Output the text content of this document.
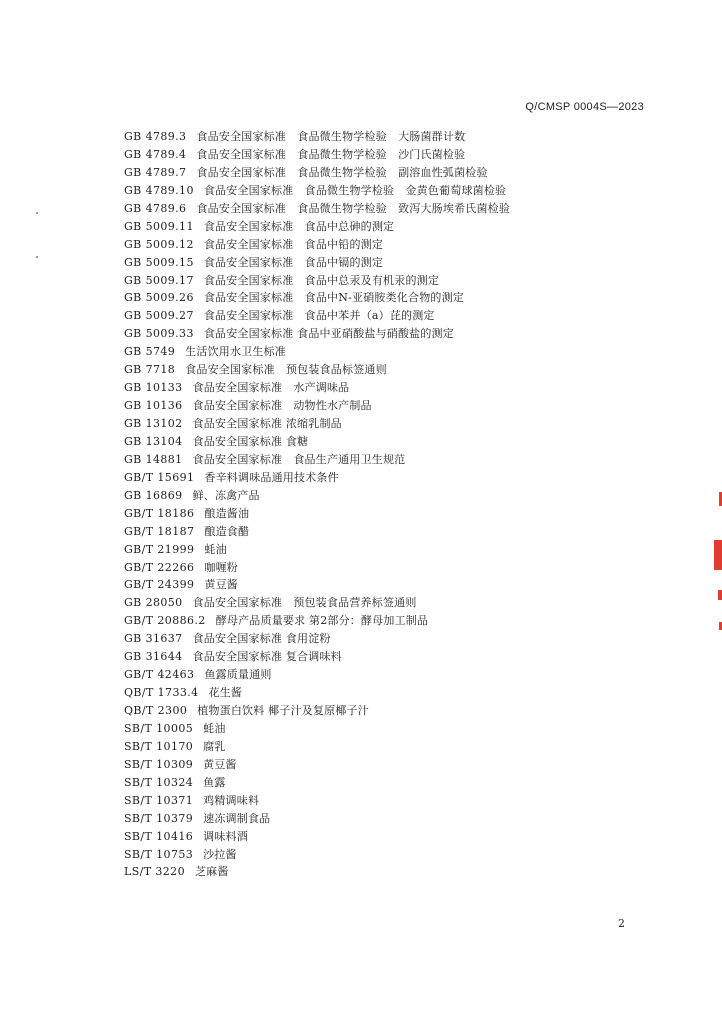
Q/CMSP 0004S—2023
GB 4789.3 食品安全国家标准　食品微生物学检验　大肠菌群计数
GB 4789.4 食品安全国家标准　食品微生物学检验　沙门氏菌检验
GB 4789.7 食品安全国家标准　食品微生物学检验　副溶血性弧菌检验
GB 4789.10 食品安全国家标准　食品微生物学检验　金黄色葡萄球菌检验
GB 4789.6 食品安全国家标准　食品微生物学检验　致泻大肠埃希氏菌检验
GB 5009.11 食品安全国家标准　食品中总砷的测定
GB 5009.12 食品安全国家标准　食品中铅的测定
GB 5009.15 食品安全国家标准　食品中镉的测定
GB 5009.17 食品安全国家标准　食品中总汞及有机汞的测定
GB 5009.26 食品安全国家标准　食品中N-亚硝胺类化合物的测定
GB 5009.27 食品安全国家标准　食品中苯并（a）芘的测定
GB 5009.33 食品安全国家标准 食品中亚硝酸盐与硝酸盐的测定
GB 5749 生活饮用水卫生标准
GB 7718 食品安全国家标准　预包装食品标签通则
GB 10133 食品安全国家标准　水产调味品
GB 10136 食品安全国家标准　动物性水产制品
GB 13102 食品安全国家标准 浓缩乳制品
GB 13104 食品安全国家标准 食糖
GB 14881 食品安全国家标准　食品生产通用卫生规范
GB/T 15691 香辛料调味品通用技术条件
GB 16869 鲜、冻禽产品
GB/T 18186 酿造酱油
GB/T 18187 酿造食醋
GB/T 21999 蚝油
GB/T 22266 咖喱粉
GB/T 24399 黄豆酱
GB 28050 食品安全国家标准　预包装食品营养标签通则
GB/T 20886.2 酵母产品质量要求 第2部分：酵母加工制品
GB 31637 食品安全国家标准 食用淀粉
GB 31644 食品安全国家标准 复合调味料
GB/T 42463 鱼露质量通则
QB/T 1733.4 花生酱
QB/T 2300 植物蛋白饮料 椰子汁及复原椰子汁
SB/T 10005 蚝油
SB/T 10170 腐乳
SB/T 10309 黄豆酱
SB/T 10324 鱼露
SB/T 10371 鸡精调味料
SB/T 10379 速冻调制食品
SB/T 10416 调味料酒
SB/T 10753 沙拉酱
LS/T 3220 芝麻酱
2
